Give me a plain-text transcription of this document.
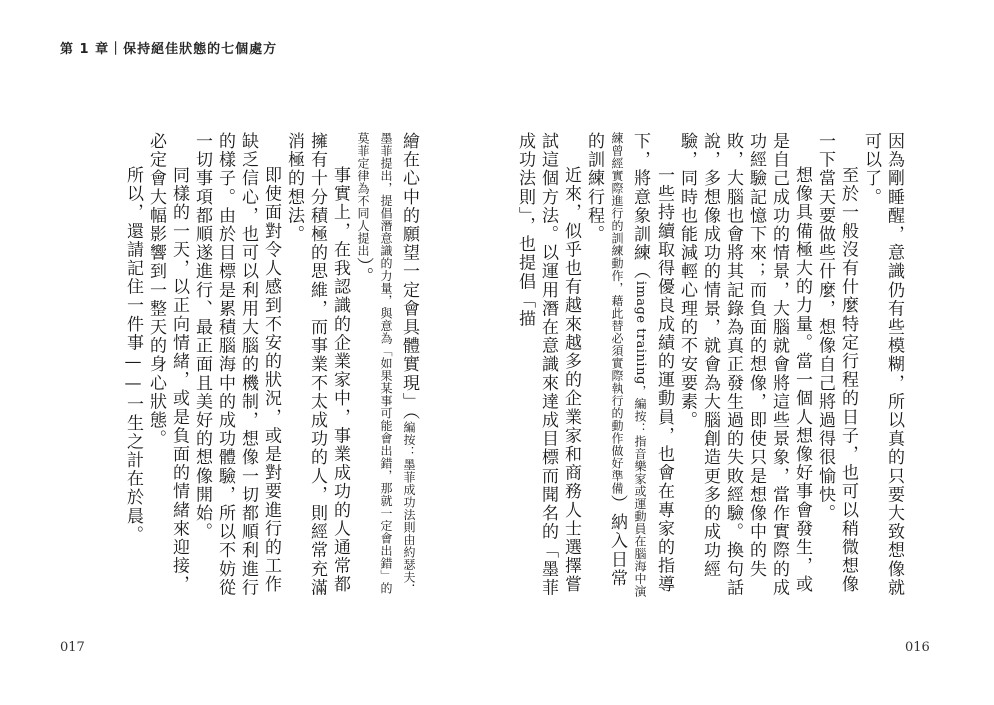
第 1 章｜保持絕佳狀態的七個處方

因為剛睡醒，意識仍有些模糊，所以真的只要大致想像就可以了。

至於一般沒有什麼特定行程的日子，也可以稍微想像一下當天要做些什麼，想像自己將過得很愉快。

想像具備極大的力量。當一個人想像好事會發生，或是自己成功的情景，大腦就會將這些景象，當作實際的成功經驗記憶下來；而負面的想像，即使只是想像中的失敗，大腦也會將其記錄為真正發生過的失敗經驗。換句話說，多想像成功的情景，就會為大腦創造更多的成功經驗，同時也能減輕心理的不安要素。

一些持續取得優良成績的運動員，也會在專家的指導下，將意象訓練（image training，編按：指音樂家或運動員在腦海中演練曾經實際進行的訓練動作，藉此替必須實際執行的動作做好準備）納入日常的訓練行程。

近來，似乎也有越來越多的企業家和商務人士選擇嘗試這個方法。以運用潛在意識來達成目標而聞名的「墨菲成功法則」，也提倡「描

繪在心中的願望一定會具體實現」（編按：墨菲成功法則由約瑟夫．墨菲提出，提倡潛意識的力量，與意為「如果某事可能會出錯，那就一定會出錯」的莫菲定律為不同人提出）。

事實上，在我認識的企業家中，事業成功的人通常都擁有十分積極的思維，而事業不太成功的人，則經常充滿消極的想法。

即使面對令人感到不安的狀況，或是對要進行的工作缺乏信心，也可以利用大腦的機制，想像一切都順利進行的樣子。由於目標是累積腦海中的成功體驗，所以不妨從一切事項都順遂進行、最正面且美好的想像開始。

同樣的一天，以正向情緒，或是負面的情緒來迎接，必定會大幅影響到一整天的身心狀態。

所以，還請記住一件事——一生之計在於晨。

017	016
